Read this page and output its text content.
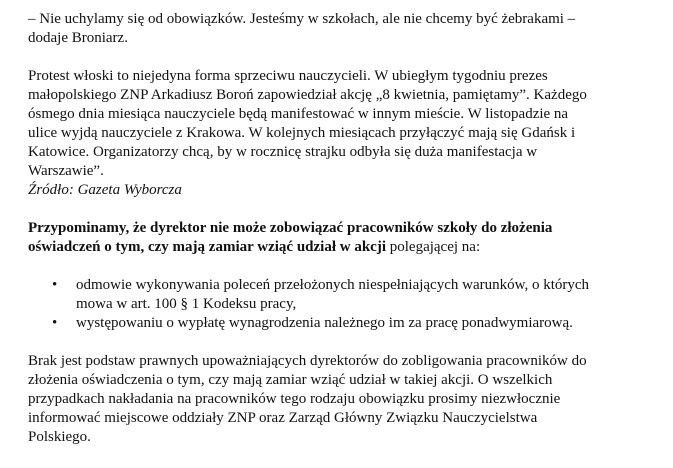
– Nie uchylamy się od obowiązków. Jesteśmy w szkołach, ale nie chcemy być żebrakami –
dodaje Broniarz.

Protest włoski to niejedyna forma sprzeciwu nauczycieli. W ubiegłym tygodniu prezes
małopolskiego ZNP Arkadiusz Boroń zapowiedział akcję „8 kwietnia, pamiętamy”. Każdego
ósmego dnia miesiąca nauczyciele będą manifestować w innym mieście. W listopadzie na
ulice wyjdą nauczyciele z Krakowa. W kolejnych miesiącach przyłączyć mają się Gdańsk i
Katowice. Organizatorzy chcą, by w rocznicę strajku odbyła się duża manifestacja w
Warszawie”.

Źródło: Gazeta Wyborcza

Przypominamy, że dyrektor nie może zobowiązać pracowników szkoły do złożenia
oświadczeń o tym, czy mają zamiar wziąć udział w akcji polegającej na:

• odmowie wykonywania poleceń przełożonych niespełniających warunków, o których
mowa w art. 100 § 1 Kodeksu pracy,
• występowaniu o wypłatę wynagrodzenia należnego im za pracę ponadwymiarową.

Brak jest podstaw prawnych upoważniających dyrektorów do zobligowania pracowników do
złożenia oświadczenia o tym, czy mają zamiar wziąć udział w takiej akcji. O wszelkich
przypadkach nakładania na pracowników tego rodzaju obowiązku prosimy niezwłocznie
informować miejscowe oddziały ZNP oraz Zarząd Główny Związku Nauczycielstwa
Polskiego.
